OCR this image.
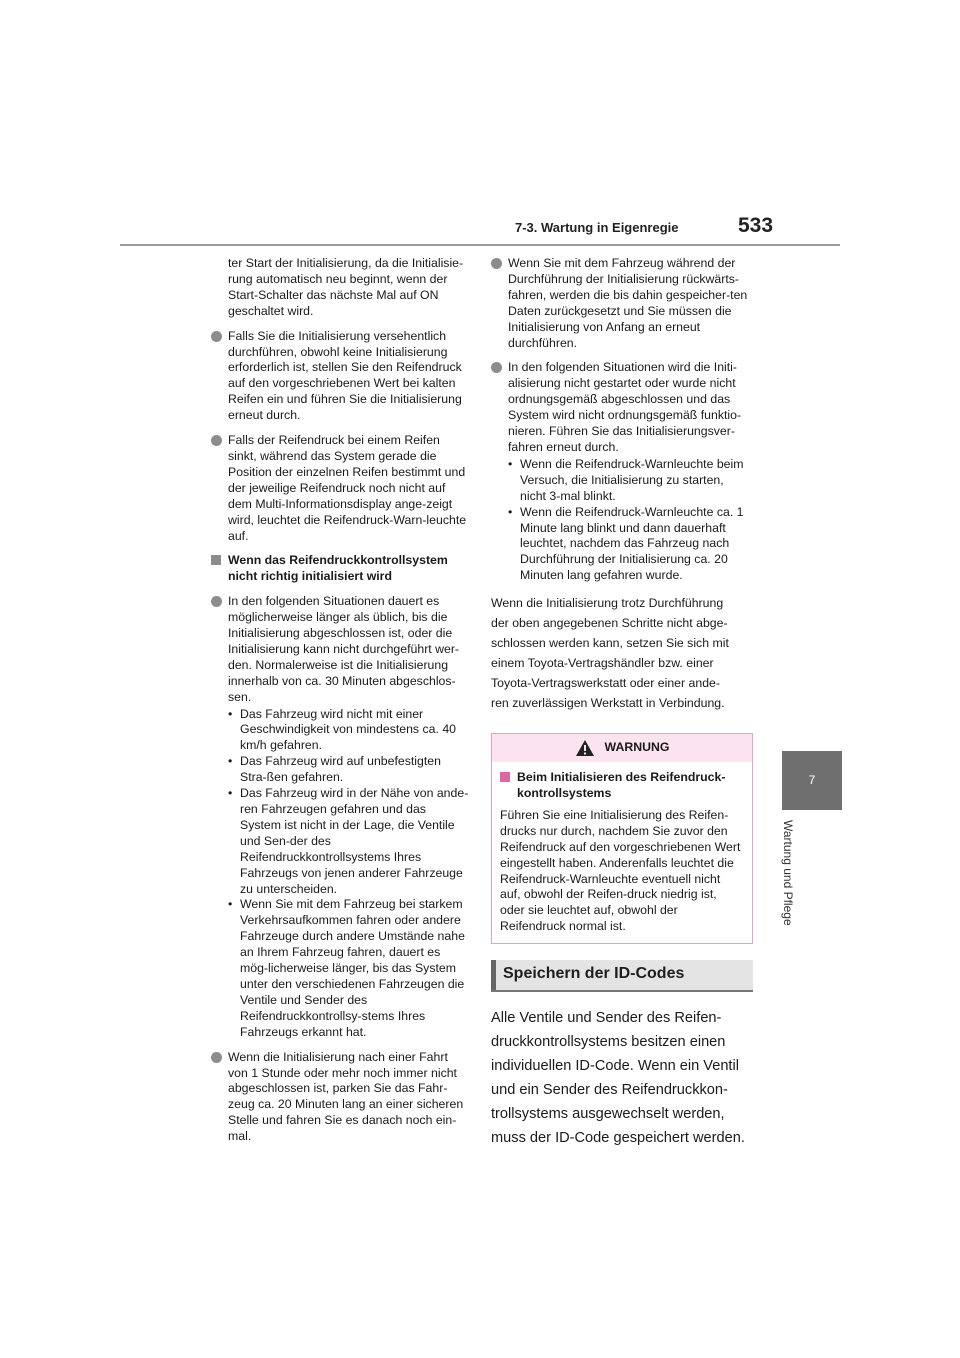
533
7-3. Wartung in Eigenregie
7
Wartung und Pflege

ter Start der Initialisierung, da die Initialisie-rung automatisch neu beginnt, wenn der Start-Schalter das nächste Mal auf ON geschaltet wird.

Falls Sie die Initialisierung versehentlich durchführen, obwohl keine Initialisierung erforderlich ist, stellen Sie den Reifendruck auf den vorgeschriebenen Wert bei kalten Reifen ein und führen Sie die Initialisierung erneut durch.
Falls der Reifendruck bei einem Reifen sinkt, während das System gerade die Position der einzelnen Reifen bestimmt und der jeweilige Reifendruck noch nicht auf dem Multi-Informationsdisplay ange-zeigt wird, leuchtet die Reifendruck-Warn-leuchte auf.
Wenn das Reifendruckkontrollsystem nicht richtig initialisiert wird
In den folgenden Situationen dauert es möglicherweise länger als üblich, bis die Initialisierung abgeschlossen ist, oder die Initialisierung kann nicht durchgeführt wer-den. Normalerweise ist die Initialisierung innerhalb von ca. 30 Minuten abgeschlos-sen.
• Das Fahrzeug wird nicht mit einer Geschwindigkeit von mindestens ca. 40 km/h gefahren.
• Das Fahrzeug wird auf unbefestigten Stra-ßen gefahren.
• Das Fahrzeug wird in der Nähe von ande-ren Fahrzeugen gefahren und das System ist nicht in der Lage, die Ventile und Sen-der des Reifendruckkontrollsystems Ihres Fahrzeugs von jenen anderer Fahrzeuge zu unterscheiden.
• Wenn Sie mit dem Fahrzeug bei starkem Verkehrsaufkommen fahren oder andere Fahrzeuge durch andere Umstände nahe an Ihrem Fahrzeug fahren, dauert es mög-licherweise länger, bis das System unter den verschiedenen Fahrzeugen die Ventile und Sender des Reifendruckkontrollsy-stems Ihres Fahrzeugs erkannt hat.
Wenn die Initialisierung nach einer Fahrt von 1 Stunde oder mehr noch immer nicht abgeschlossen ist, parken Sie das Fahr-zeug ca. 20 Minuten lang an einer sicheren Stelle und fahren Sie es danach noch ein-mal.
Wenn Sie mit dem Fahrzeug während der Durchführung der Initialisierung rückwärts-fahren, werden die bis dahin gespeicher-ten Daten zurückgesetzt und Sie müssen die Initialisierung von Anfang an erneut durchführen.
In den folgenden Situationen wird die Initi-alisierung nicht gestartet oder wurde nicht ordnungsgemäß abgeschlossen und das System wird nicht ordnungsgemäß funktio-nieren. Führen Sie das Initialisierungsver-fahren erneut durch.
• Wenn die Reifendruck-Warnleuchte beim Versuch, die Initialisierung zu starten, nicht 3-mal blinkt.
• Wenn die Reifendruck-Warnleuchte ca. 1 Minute lang blinkt und dann dauerhaft leuchtet, nachdem das Fahrzeug nach Durchführung der Initialisierung ca. 20 Minuten lang gefahren wurde.
Wenn die Initialisierung trotz Durchführung
der oben angegebenen Schritte nicht abge-
schlossen werden kann, setzen Sie sich mit
einem Toyota-Vertragshändler bzw. einer
Toyota-Vertragswerkstatt oder einer ande-
ren zuverlässigen Werkstatt in Verbindung.
WARNUNG
Beim Initialisieren des Reifendruck-kontrollsystems
Führen Sie eine Initialisierung des Reifen-drucks nur durch, nachdem Sie zuvor den Reifendruck auf den vorgeschriebenen Wert eingestellt haben. Anderenfalls leuchtet die Reifendruck-Warnleuchte eventuell nicht auf, obwohl der Reifen-druck niedrig ist, oder sie leuchtet auf, obwohl der Reifendruck normal ist.
Speichern der ID-Codes
Alle Ventile und Sender des Reifen-druckkontrollsystems besitzen einen individuellen ID-Code. Wenn ein Ventil und ein Sender des Reifendruckkon-trollsystems ausgewechselt werden, muss der ID-Code gespeichert werden.
